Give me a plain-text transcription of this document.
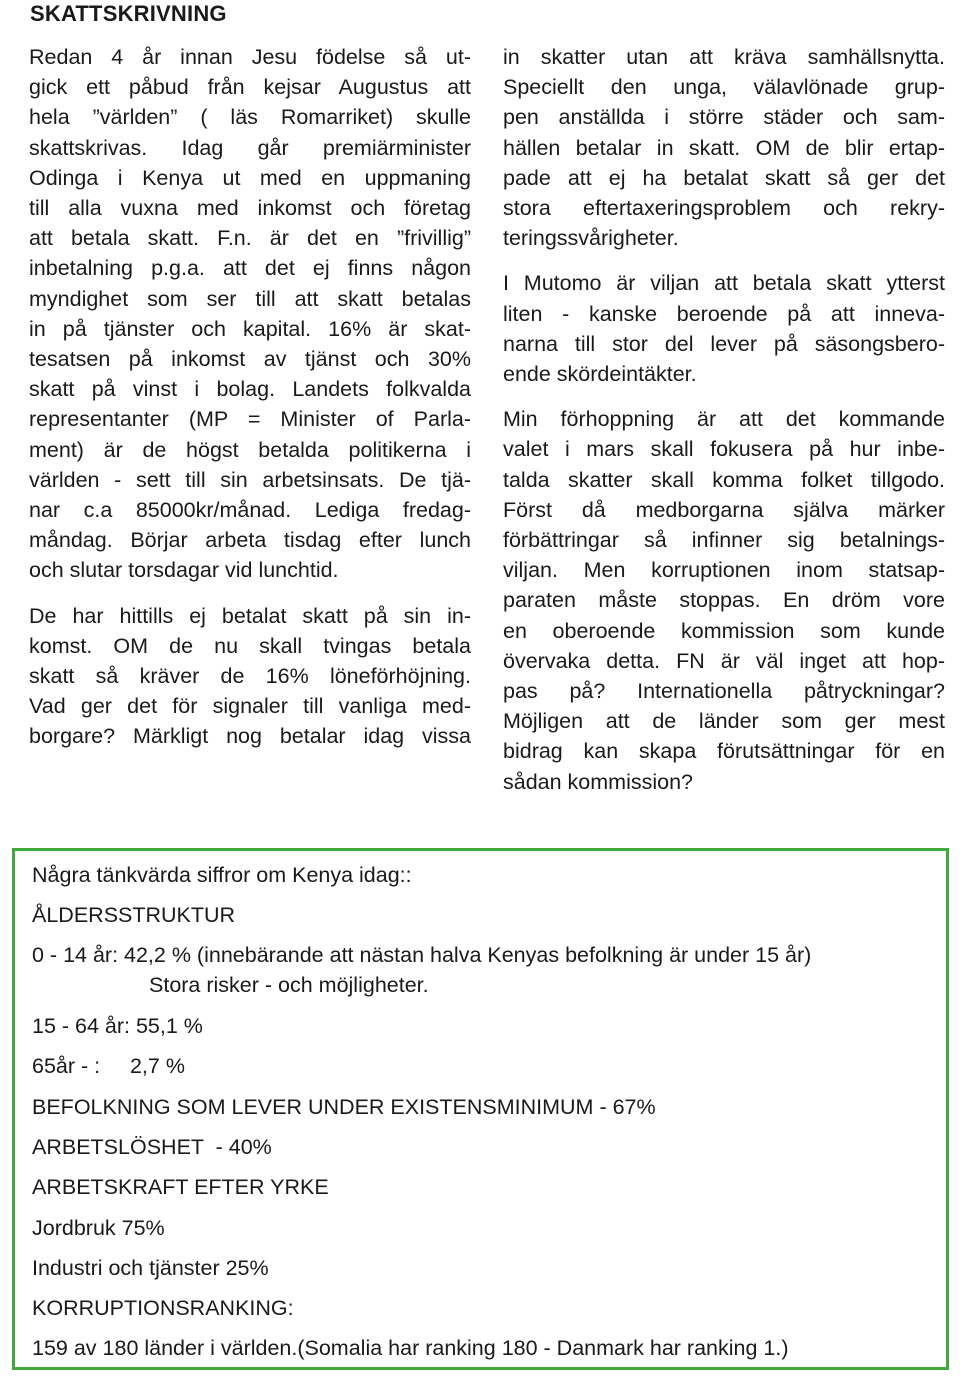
SKATTSKRIVNING

Redan 4 år innan Jesu födelse så ut-
gick ett påbud från kejsar Augustus att
hela ”världen” ( läs Romarriket) skulle
skattskrivas. Idag går premiärminister
Odinga i Kenya ut med en uppmaning
till alla vuxna med inkomst och företag
att betala skatt. F.n. är det en ”frivillig”
inbetalning p.g.a. att det ej finns någon
myndighet som ser till att skatt betalas
in på tjänster och kapital. 16% är skat-
tesatsen på inkomst av tjänst och 30%
skatt på vinst i bolag. Landets folkvalda
representanter (MP = Minister of Parla-
ment) är de högst betalda politikerna i
världen - sett till sin arbetsinsats. De tjä-
nar c.a 85000kr/månad. Lediga fredag-
måndag. Börjar arbeta tisdag efter lunch
och slutar torsdagar vid lunchtid.

De har hittills ej betalat skatt på sin in-
komst. OM de nu skall tvingas betala
skatt så kräver de 16% löneförhöjning.
Vad ger det för signaler till vanliga med-
borgare? Märkligt nog betalar idag vissa

in skatter utan att kräva samhällsnytta.
Speciellt den unga, välavlönade grup-
pen anställda i större städer och sam-
hällen betalar in skatt. OM de blir ertap-
pade att ej ha betalat skatt så ger det
stora eftertaxeringsproblem och rekry-
teringssvårigheter.

I Mutomo är viljan att betala skatt ytterst
liten - kanske beroende på att inneva-
narna till stor del lever på säsongsbero-
ende skördeintäkter.

Min förhoppning är att det kommande
valet i mars skall fokusera på hur inbe-
talda skatter skall komma folket tillgodo.
Först då medborgarna själva märker
förbättringar så infinner sig betalnings-
viljan. Men korruptionen inom statsap-
paraten måste stoppas. En dröm vore
en oberoende kommission som kunde
övervaka detta. FN är väl inget att hop-
pas på? Internationella påtryckningar?
Möjligen att de länder som ger mest
bidrag kan skapa förutsättningar för en
sådan kommission?

Några tänkvärda siffror om Kenya idag::
ÅLDERSSTRUKTUR
0 - 14 år: 42,2 % (innebärande att nästan halva Kenyas befolkning är under 15 år)
Stora risker - och möjligheter.
15 - 64 år: 55,1 %
65år - :     2,7 %
BEFOLKNING SOM LEVER UNDER EXISTENSMINIMUM - 67%
ARBETSLÖSHET  - 40%
ARBETSKRAFT EFTER YRKE
Jordbruk 75%
Industri och tjänster 25%
KORRUPTIONSRANKING:
159 av 180 länder i världen.(Somalia har ranking 180 - Danmark har ranking 1.)
